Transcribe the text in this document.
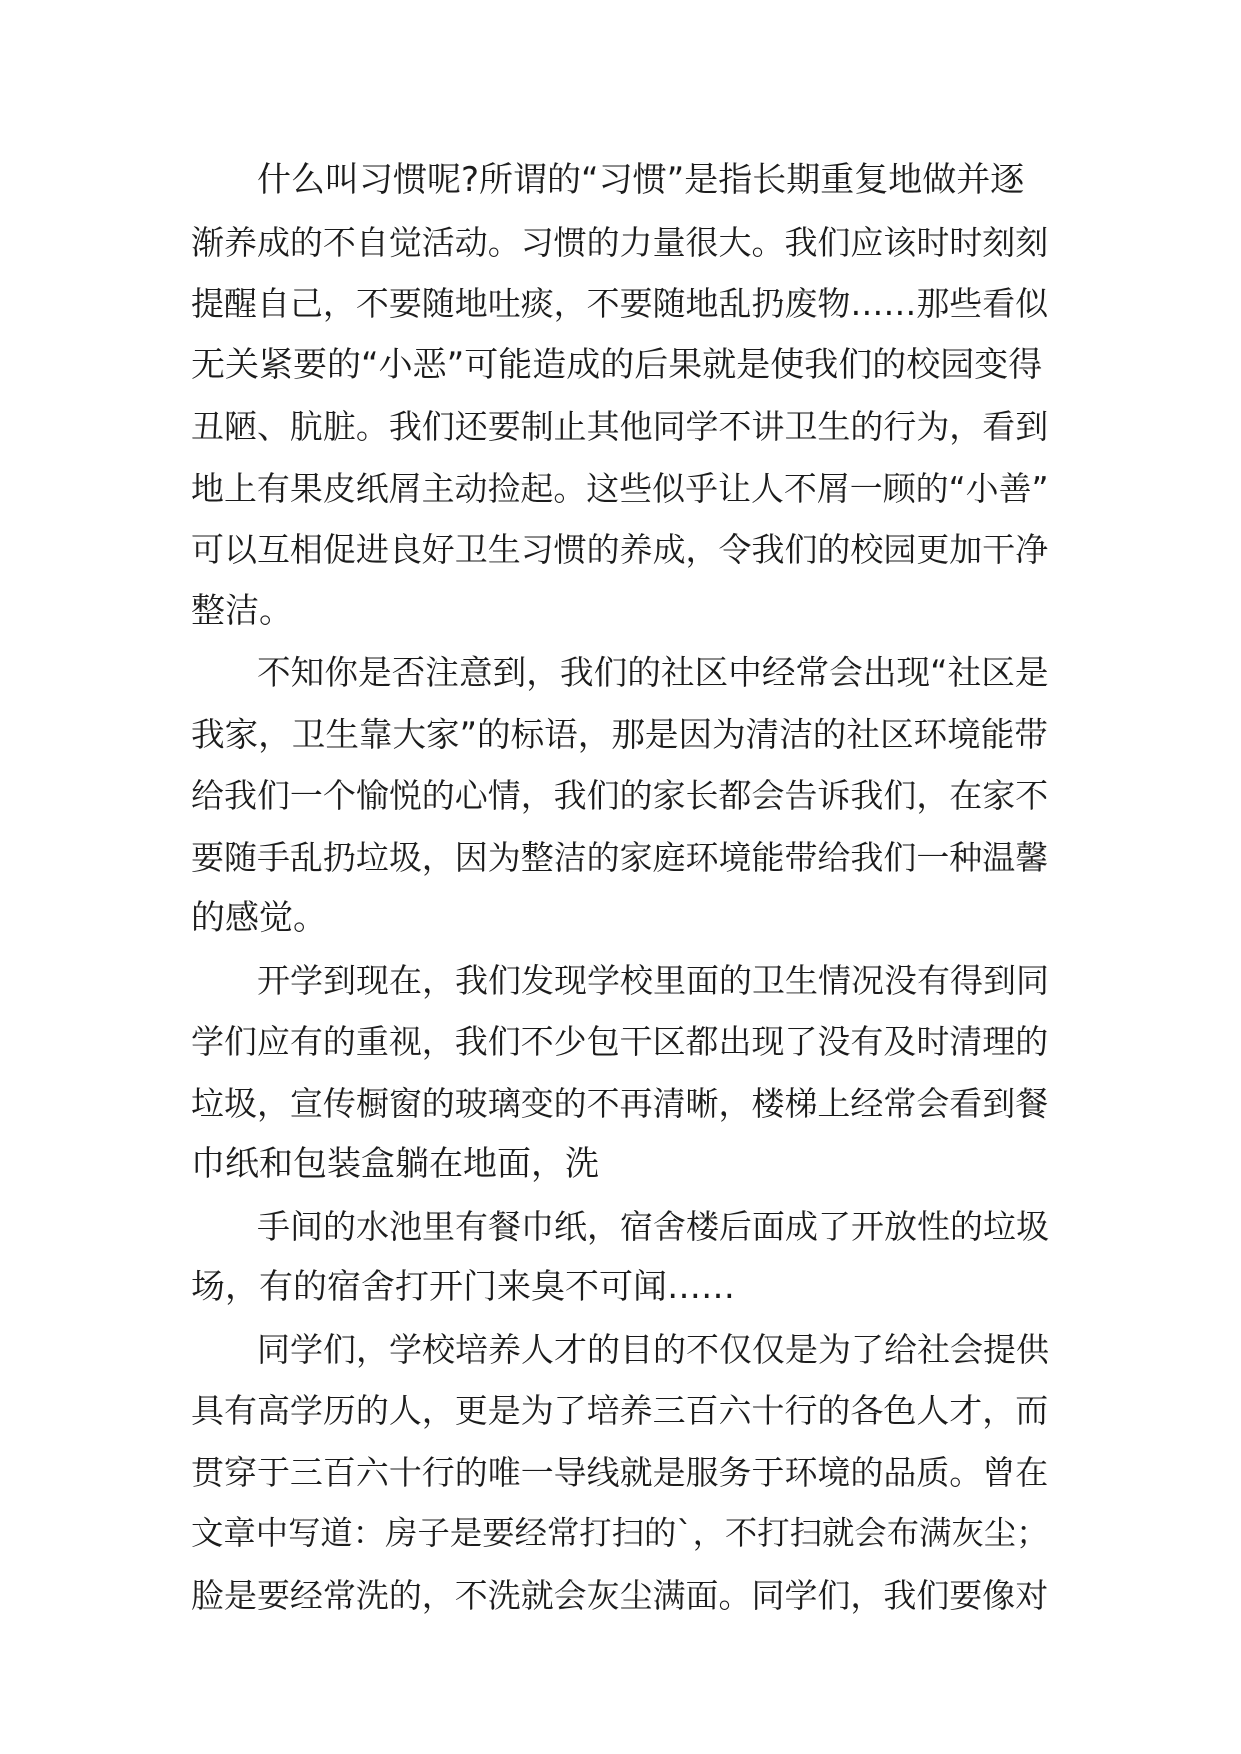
什么叫习惯呢?所谓的“习惯”是指长期重复地做并逐
渐养成的不自觉活动。习惯的力量很大。我们应该时时刻刻
提醒自己，不要随地吐痰，不要随地乱扔废物……那些看似
无关紧要的“小恶”可能造成的后果就是使我们的校园变得
丑陋、肮脏。我们还要制止其他同学不讲卫生的行为，看到
地上有果皮纸屑主动捡起。这些似乎让人不屑一顾的“小善”
可以互相促进良好卫生习惯的养成，令我们的校园更加干净
整洁。
不知你是否注意到，我们的社区中经常会出现“社区是
我家，卫生靠大家”的标语，那是因为清洁的社区环境能带
给我们一个愉悦的心情，我们的家长都会告诉我们，在家不
要随手乱扔垃圾，因为整洁的家庭环境能带给我们一种温馨
的感觉。
开学到现在，我们发现学校里面的卫生情况没有得到同
学们应有的重视，我们不少包干区都出现了没有及时清理的
垃圾，宣传橱窗的玻璃变的不再清晰，楼梯上经常会看到餐
巾纸和包装盒躺在地面，洗
手间的水池里有餐巾纸，宿舍楼后面成了开放性的垃圾
场，有的宿舍打开门来臭不可闻……
同学们，学校培养人才的目的不仅仅是为了给社会提供
具有高学历的人，更是为了培养三百六十行的各色人才，而
贯穿于三百六十行的唯一导线就是服务于环境的品质。曾在
文章中写道：房子是要经常打扫的`，不打扫就会布满灰尘；
脸是要经常洗的，不洗就会灰尘满面。同学们，我们要像对
